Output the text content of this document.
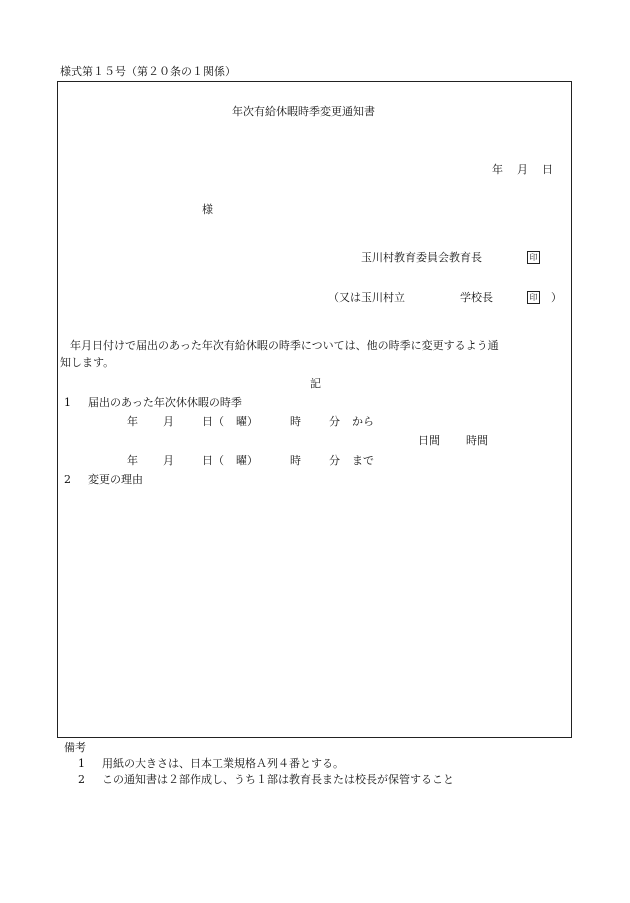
様式第１５号（第２０条の１関係）
年次有給休暇時季変更通知書
年 月 日
様
玉川村教育委員会教育長	印
（又は玉川村立	学校長	印 ）
年月日付けで届出のあった年次有給休暇の時季については、他の時季に変更するよう通
知します。
記
1 届出のあった年次休休暇の時季
年 月	日（ 曜）	時	分 から
日間 時間
年 月	日（ 曜）	時	分 まで
2 変更の理由
備考
1 用紙の大きさは、日本工業規格Ａ列４番とする。
2 この通知書は２部作成し、うち１部は教育長または校長が保管すること
